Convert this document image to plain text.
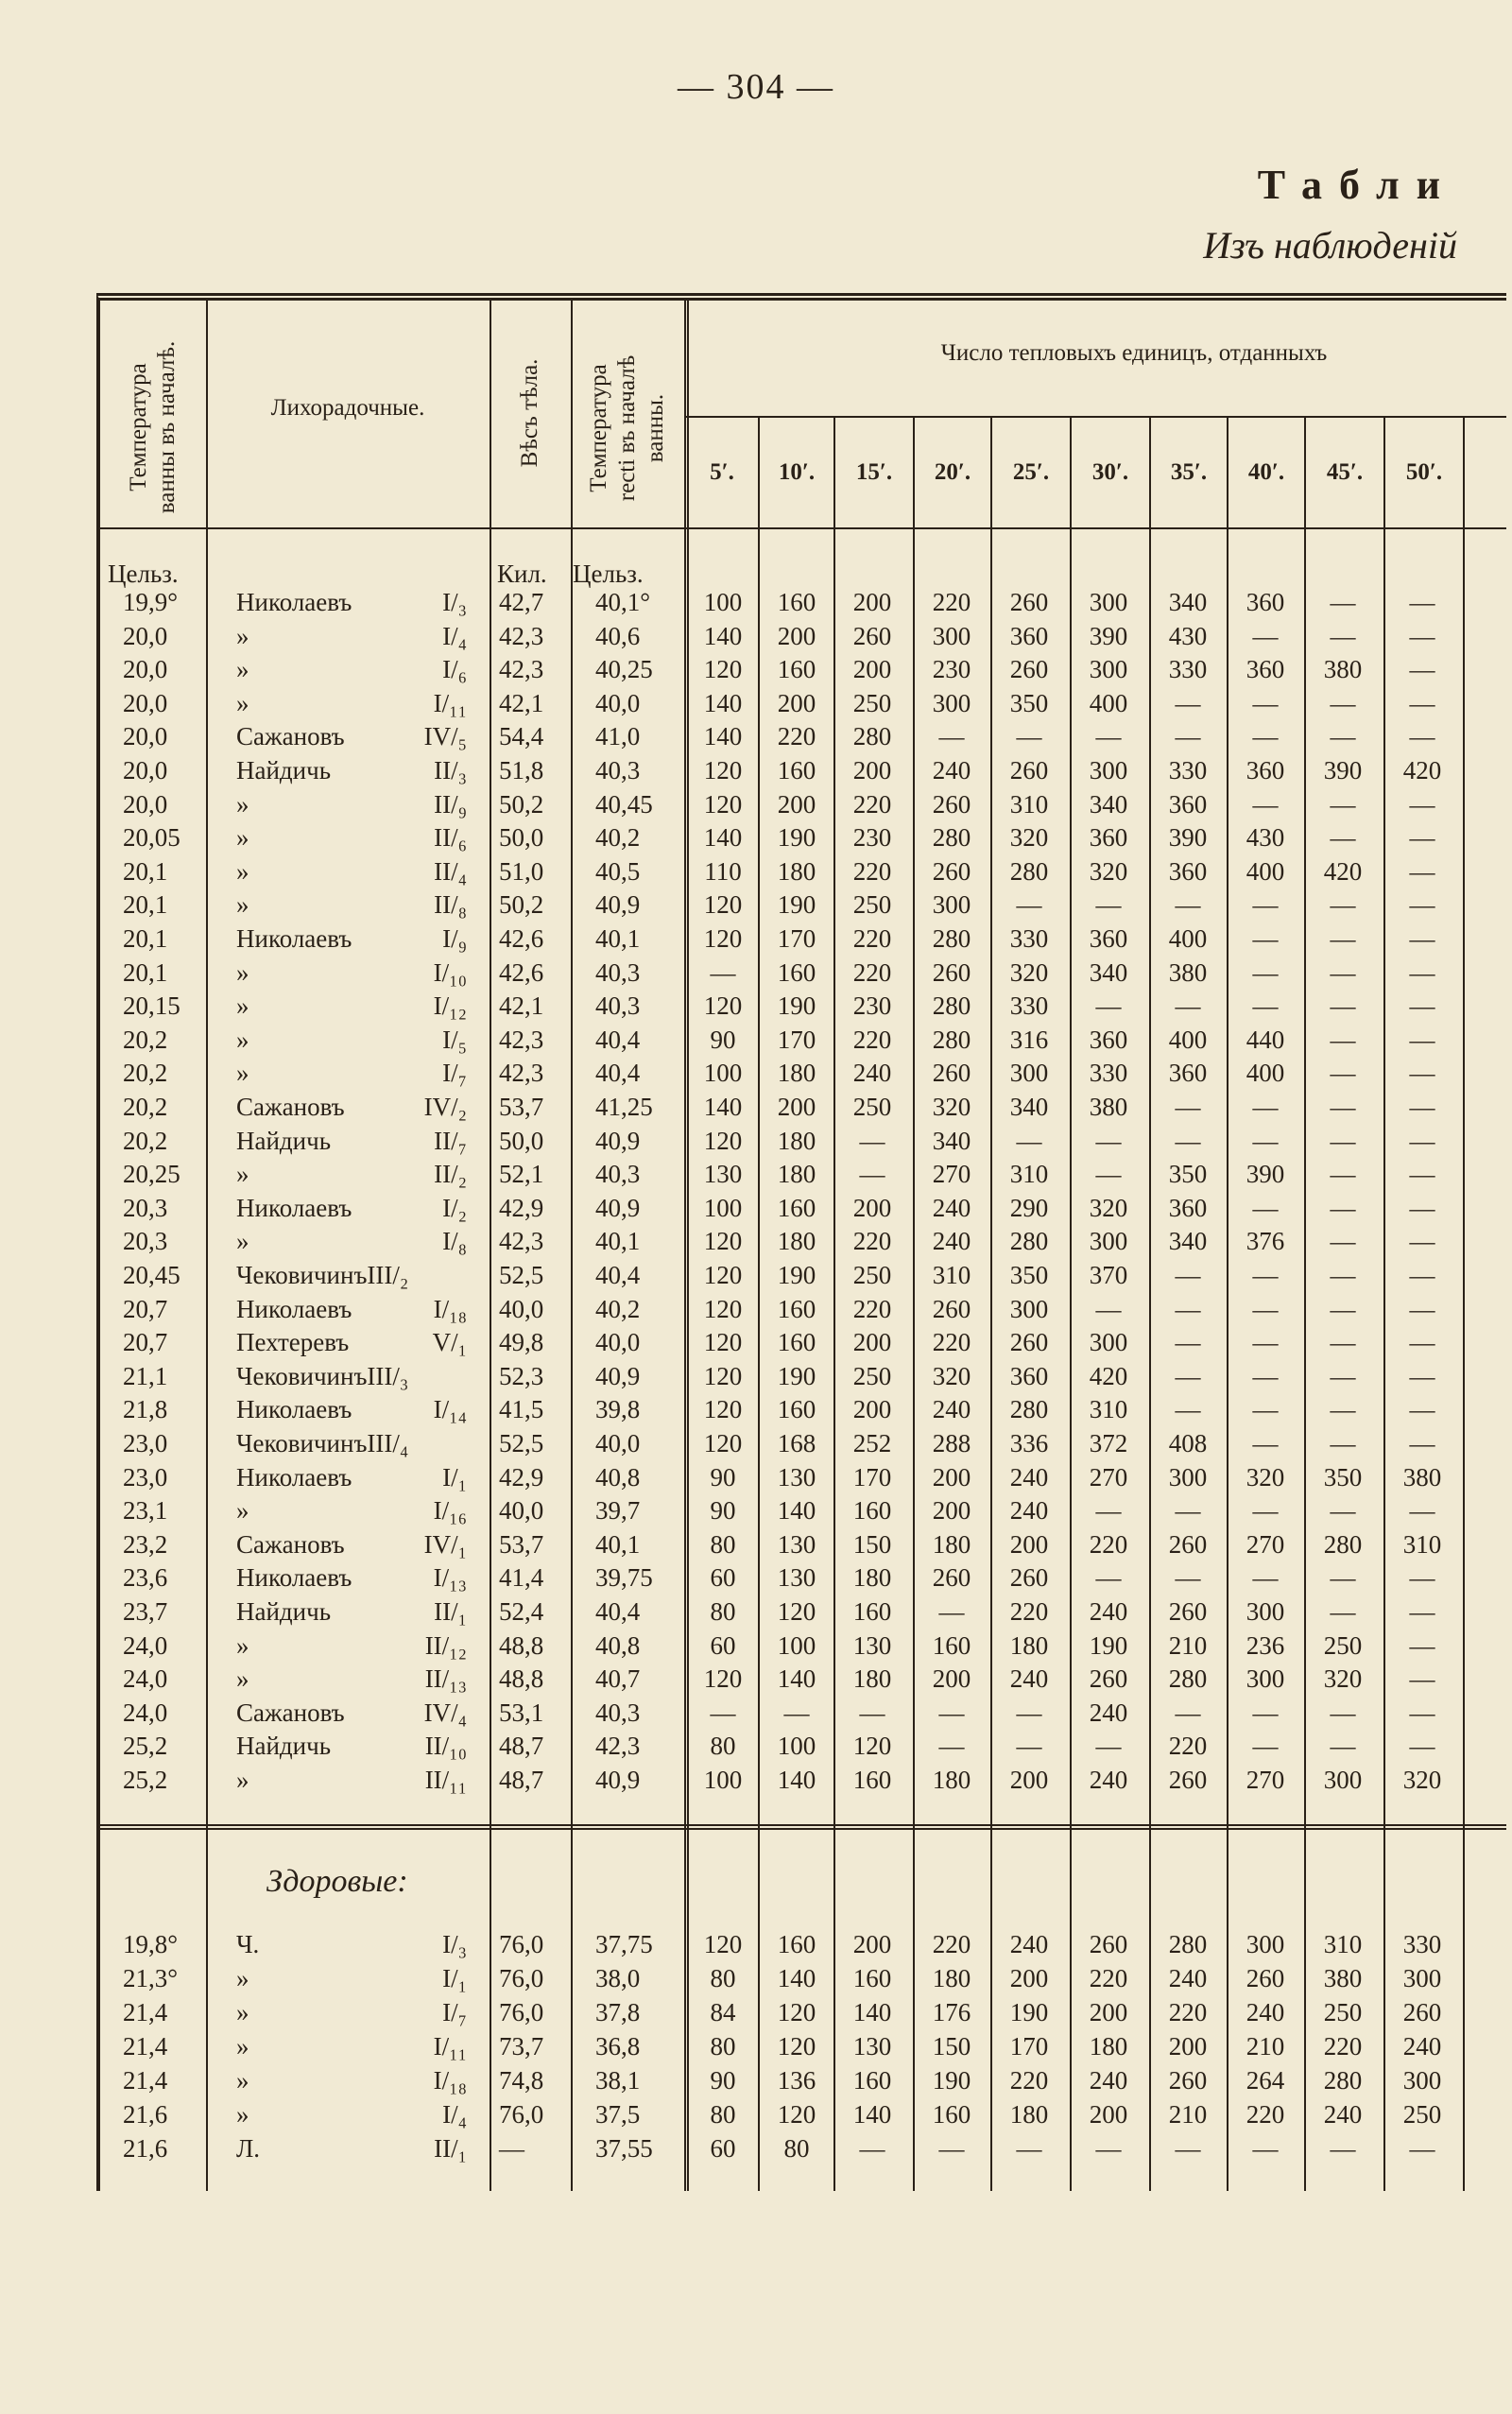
— 304 —
Табли
Изъ наблюденій
Температура ванны въ началѣ.	Лихорадочные.	Вѣсъ тѣла. Температура recti въ началѣ ванны.
Число тепловыхъ единицъ, отданныхъ
5′.	10′.	15′.	20′.	25′.	30′.	35′.	40′.	45′.	50′.
Цельз.	Кил. Цельз.
19,9° Николаевъ	I/₃ 42,7 40,1°	100	160	200	220	260	300	340	360	—	—
20,0	»	I/₄ 42,3 40,6	140	200	260	300	360	390	430	—	—	—
20,0	»	I/₆ 42,3 40,25	120	160	200	230	260	300	330	360	380	—
20,0	»	I/₁₁ 42,1 40,0	140	200	250	300	350	400	—	—	—	—
20,0	Сажановъ	IV/₅ 54,4 41,0	140	220	280	—	—	—	—	—	—	—
20,0	Найдичь	II/₃ 51,8 40,3	120	160	200	240	260	300	330	360	390	420
20,0	»	II/₉ 50,2 40,45	120	200	220	260	310	340	360	—	—	—
20,05 »	II/₆ 50,0 40,2	140	190	230	280	320	360	390	430	—	—
20,1	»	II/₄ 51,0 40,5	110	180	220	260	280	320	360	400	420	—
20,1	»	II/₈ 50,2 40,9	120	190	250	300	—	—	—	—	—	—
20,1	Николаевъ	I/₉ 42,6 40,1	120	170	220	280	330	360	400	—	—	—
20,1	»	I/₁₀ 42,6 40,3	—	160	220	260	320	340	380	—	—	—
20,15 »	I/₁₂ 42,1 40,3	120	190	230	280	330	—	—	—	—	—
20,2	»	I/₅ 42,3 40,4	90	170	220	280	316	360	400	440	—	—
20,2	»	I/₇ 42,3 40,4	100	180	240	260	300	330	360	400	—	—
20,2	Сажановъ	IV/₂ 53,7 41,25	140	200	250	320	340	380	—	—	—	—
20,2	Найдичь	II/₇ 50,0 40,9	120	180	—	340	—	—	—	—	—	—
20,25 »	II/₂ 52,1 40,3	130	180	—	270	310	—	350	390	—	—
20,3	Николаевъ	I/₂ 42,9 40,9	100	160	200	240	290	320	360	—	—	—
20,3	»	I/₈ 42,3 40,1	120	180	220	240	280	300	340	376	—	—
20,45 ЧековичинъIII/₂	52,5 40,4	120	190	250	310	350	370	—	—	—	—
20,7	Николаевъ	I/₁₈ 40,0 40,2	120	160	220	260	300	—	—	—	—	—
20,7	Пехтеревъ	V/₁ 49,8 40,0	120	160	200	220	260	300	—	—	—	—
21,1	ЧековичинъIII/₃	52,3 40,9	120	190	250	320	360	420	—	—	—	—
21,8	Николаевъ	I/₁₄ 41,5 39,8	120	160	200	240	280	310	—	—	—	—
23,0	ЧековичинъIII/₄	52,5 40,0	120	168	252	288	336	372	408	—	—	—
23,0	Николаевъ	I/₁ 42,9 40,8	90	130	170	200	240	270	300	320	350	380
23,1	»	I/₁₆ 40,0 39,7	90	140	160	200	240	—	—	—	—	—
23,2	Сажановъ	IV/₁ 53,7 40,1	80	130	150	180	200	220	260	270	280	310
23,6	Николаевъ	I/₁₃ 41,4 39,75	60	130	180	260	260	—	—	—	—	—
23,7	Найдичь	II/₁ 52,4 40,4	80	120	160	—	220	240	260	300	—	—
24,0	»	II/₁₂ 48,8 40,8	60	100	130	160	180	190	210	236	250	—
24,0	»	II/₁₃ 48,8 40,7	120	140	180	200	240	260	280	300	320	—
24,0	Сажановъ	IV/₄ 53,1 40,3	—	—	—	—	—	240	—	—	—	—
25,2	Найдичь	II/₁₀ 48,7 42,3	80	100	120	—	—	—	220	—	—	—
25,2	»	II/₁₁ 48,7 40,9	100	140	160	180	200	240	260	270	300	320
19,8° Ч.	I/₃ 76,0 37,75	120	160	200	220	240	260	280	300	310	330
21,3° »	I/₁ 76,0 38,0	80	140	160	180	200	220	240	260	380	300
21,4	»	I/₇ 76,0 37,8	84	120	140	176	190	200	220	240	250	260
21,4	»	I/₁₁ 73,7 36,8	80	120	130	150	170	180	200	210	220	240
21,4	»	I/₁₈ 74,8 38,1	90	136	160	190	220	240	260	264	280	300
21,6	»	I/₄ 76,0 37,5	80	120	140	160	180	200	210	220	240	250
21,6	Л.	II/₁ —	37,55	60	80	—	—	—	—	—	—	—	—
Здоровые:
